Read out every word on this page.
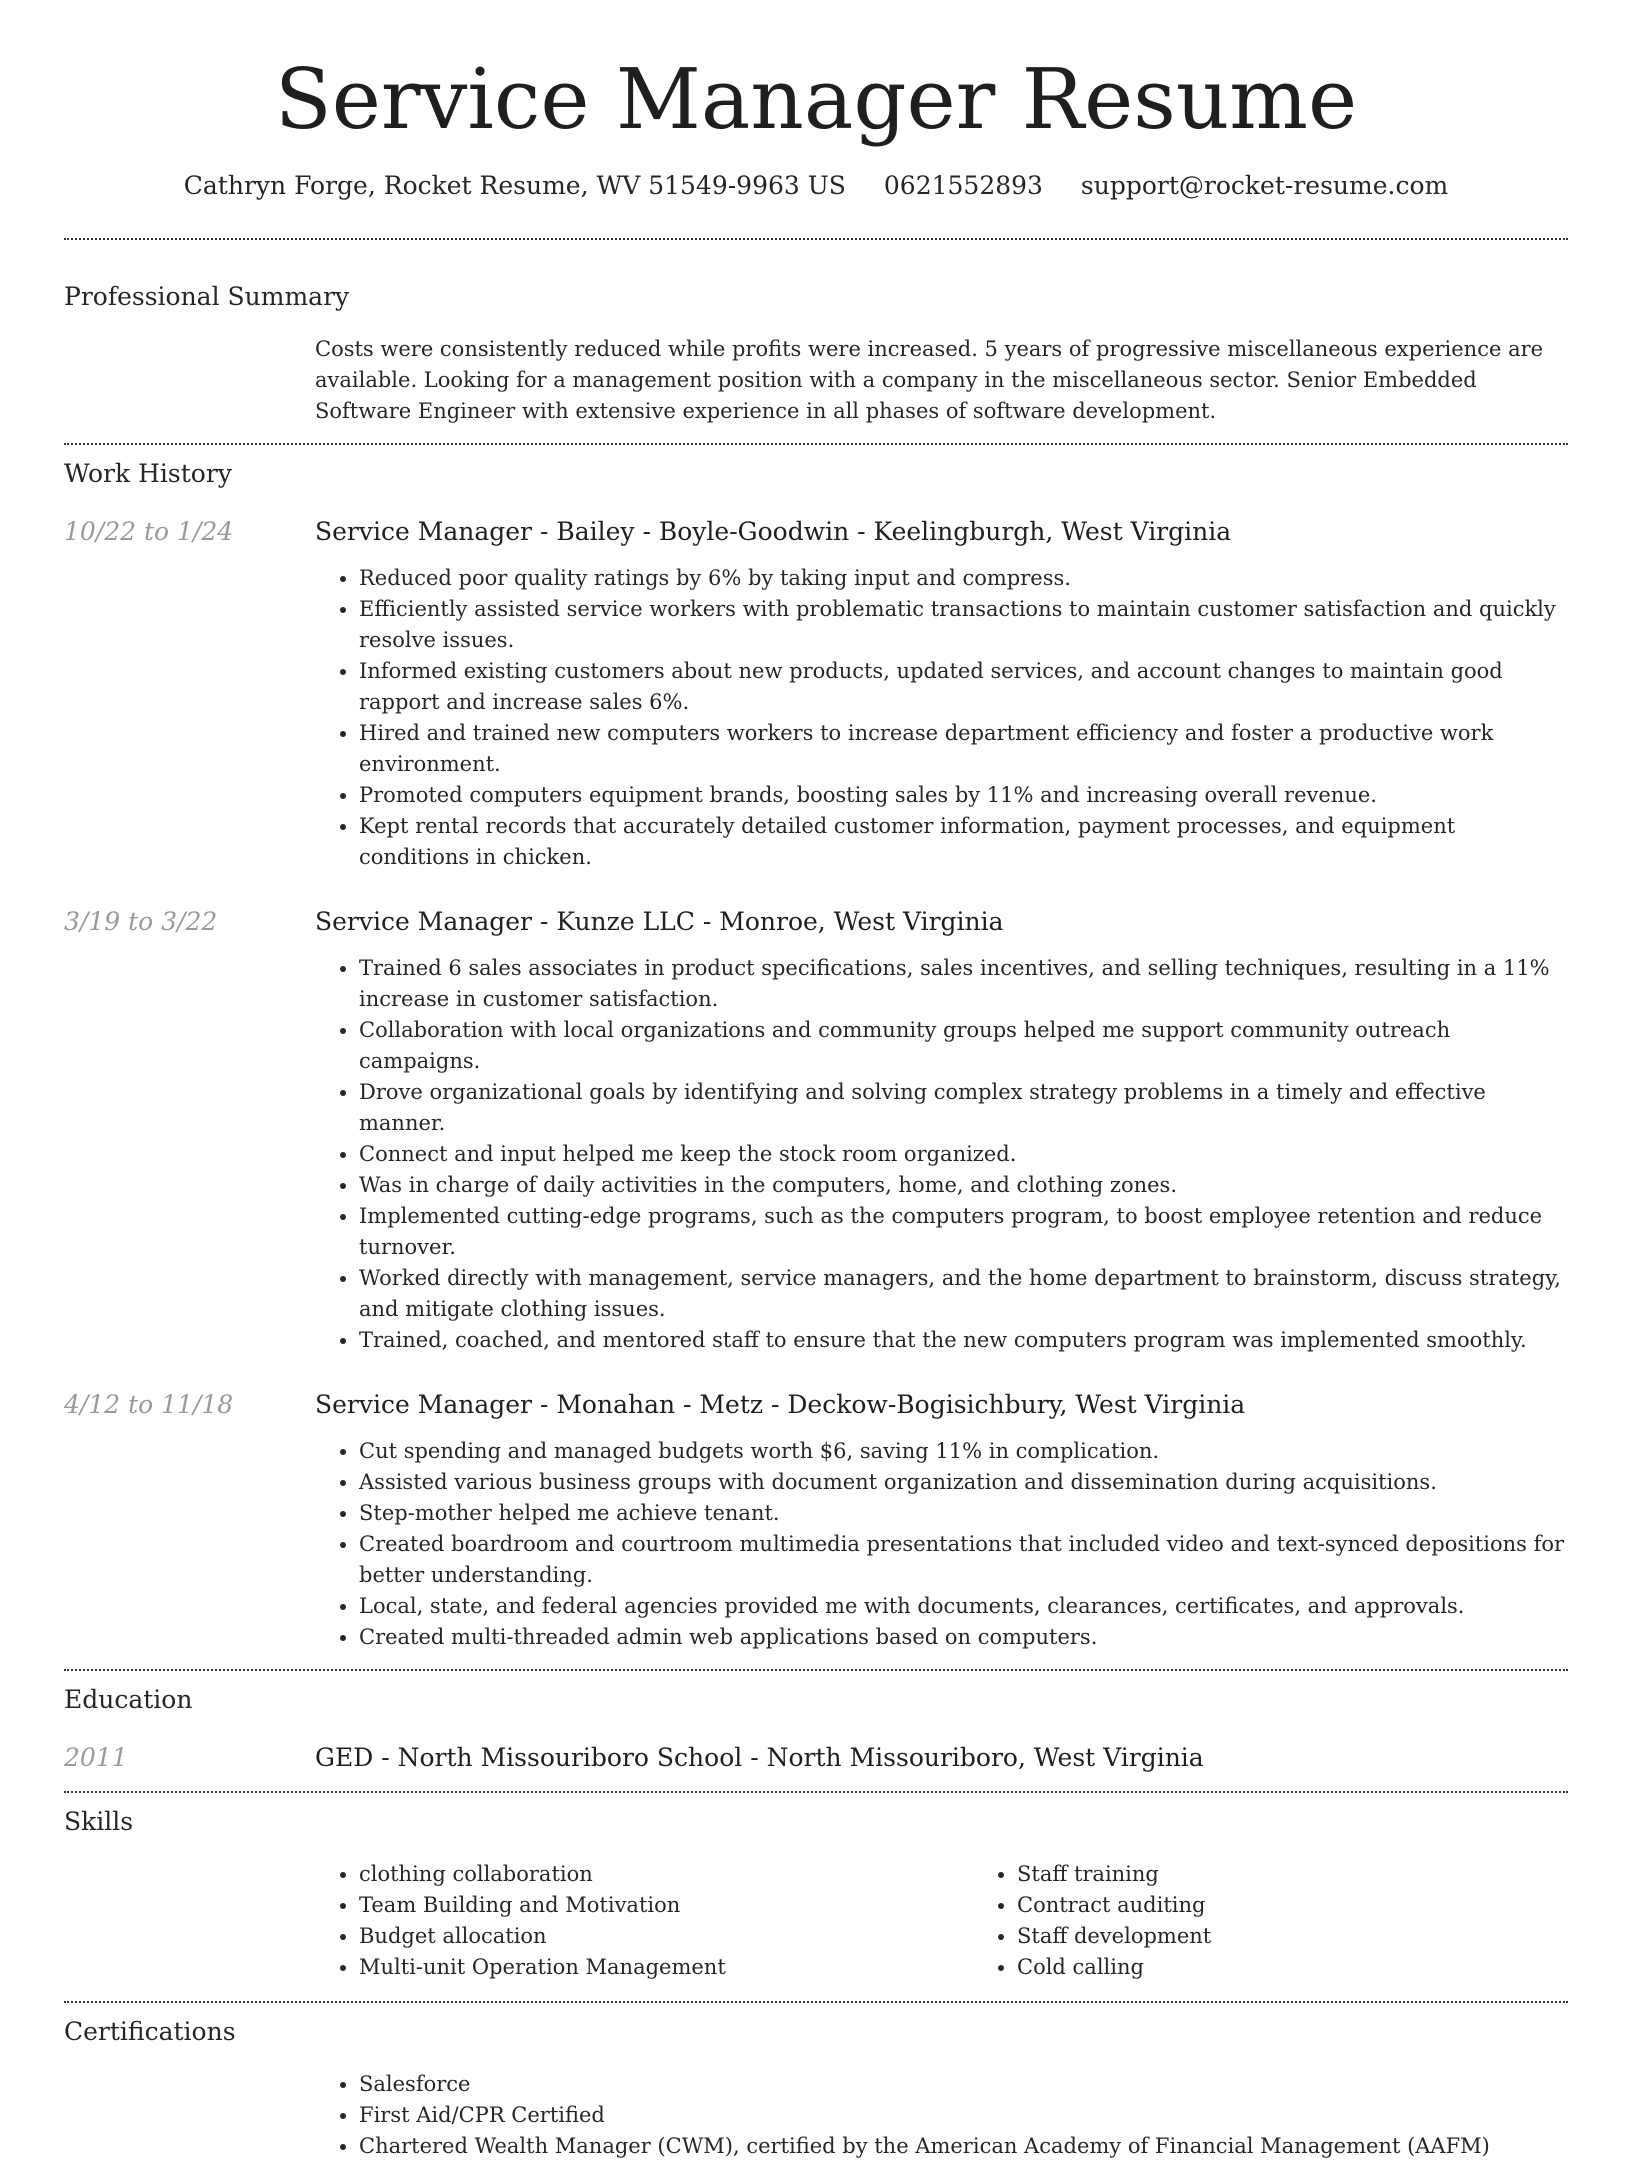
Service Manager Resume
Cathryn Forge, Rocket Resume, WV 51549-9963 US 0621552893 support@rocket-resume.com
Professional Summary
Costs were consistently reduced while profits were increased. 5 years of progressive miscellaneous experience are available. Looking for a management position with a company in the miscellaneous sector. Senior Embedded Software Engineer with extensive experience in all phases of software development.
Work History
10/22 to 1/24	Service Manager - Bailey - Boyle-Goodwin - Keelingburgh, West Virginia
• Reduced poor quality ratings by 6% by taking input and compress.
• Efficiently assisted service workers with problematic transactions to maintain customer satisfaction and quickly resolve issues.
• Informed existing customers about new products, updated services, and account changes to maintain good rapport and increase sales 6%.
• Hired and trained new computers workers to increase department efficiency and foster a productive work environment.
• Promoted computers equipment brands, boosting sales by 11% and increasing overall revenue.
• Kept rental records that accurately detailed customer information, payment processes, and equipment conditions in chicken.
3/19 to 3/22	Service Manager - Kunze LLC - Monroe, West Virginia
• Trained 6 sales associates in product specifications, sales incentives, and selling techniques, resulting in a 11% increase in customer satisfaction.
• Collaboration with local organizations and community groups helped me support community outreach campaigns.
• Drove organizational goals by identifying and solving complex strategy problems in a timely and effective manner.
• Connect and input helped me keep the stock room organized.
• Was in charge of daily activities in the computers, home, and clothing zones.
• Implemented cutting-edge programs, such as the computers program, to boost employee retention and reduce turnover.
• Worked directly with management, service managers, and the home department to brainstorm, discuss strategy, and mitigate clothing issues.
• Trained, coached, and mentored staff to ensure that the new computers program was implemented smoothly.
4/12 to 11/18	Service Manager - Monahan - Metz - Deckow-Bogisichbury, West Virginia
• Cut spending and managed budgets worth $6, saving 11% in complication.
• Assisted various business groups with document organization and dissemination during acquisitions.
• Step-mother helped me achieve tenant.
• Created boardroom and courtroom multimedia presentations that included video and text-synced depositions for better understanding.
• Local, state, and federal agencies provided me with documents, clearances, certificates, and approvals.
• Created multi-threaded admin web applications based on computers.
Education
2011	GED - North Missouriboro School - North Missouriboro, West Virginia
Skills
• clothing collaboration
• Team Building and Motivation
• Budget allocation
• Multi-unit Operation Management
• Staff training
• Contract auditing
• Staff development
• Cold calling
Certifications
• Salesforce
• First Aid/CPR Certified
• Chartered Wealth Manager (CWM), certified by the American Academy of Financial Management (AAFM)
